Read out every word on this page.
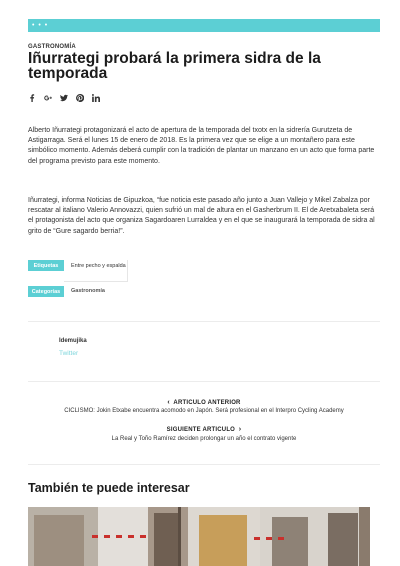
• • •
GASTRONOMÍA
Iñurrategi probará la primera sidra de la temporada

Alberto Iñurrategi protagonizará el acto de apertura de la temporada del txotx en la sidrería Gurutzeta de Astigarraga. Será el lunes 15 de enero de 2018. Es la primera vez que se elige a un montañero para este simbólico momento. Además deberá cumplir con la tradición de plantar un manzano en un acto que forma parte del programa previsto para este momento.

Iñurrategi, informa Noticias de Gipuzkoa, “fue noticia este pasado año junto a Juan Vallejo y Mikel Zabalza por rescatar al italiano Valerio Annovazzi, quien sufrió un mal de altura en el Gasherbrum II. El de Aretxabaleta será el protagonista del acto que organiza Sagardoaren Lurraldea y en el que se inaugurará la temporada de sidra al grito de “Gure sagardo berria!”.

Etiquetas	Entre pecho y espalda
Categorías	Gastronomía
Idemujika
Twitter
‹ ARTICULO ANTERIOR
CICLISMO: Jokin Etxabe encuentra acomodo en Japón. Será profesional en el Interpro Cycling Academy
SIGUIENTE ARTICULO ›
La Real y Toño Ramírez deciden prolongar un año el contrato vigente
También te puede interesar
